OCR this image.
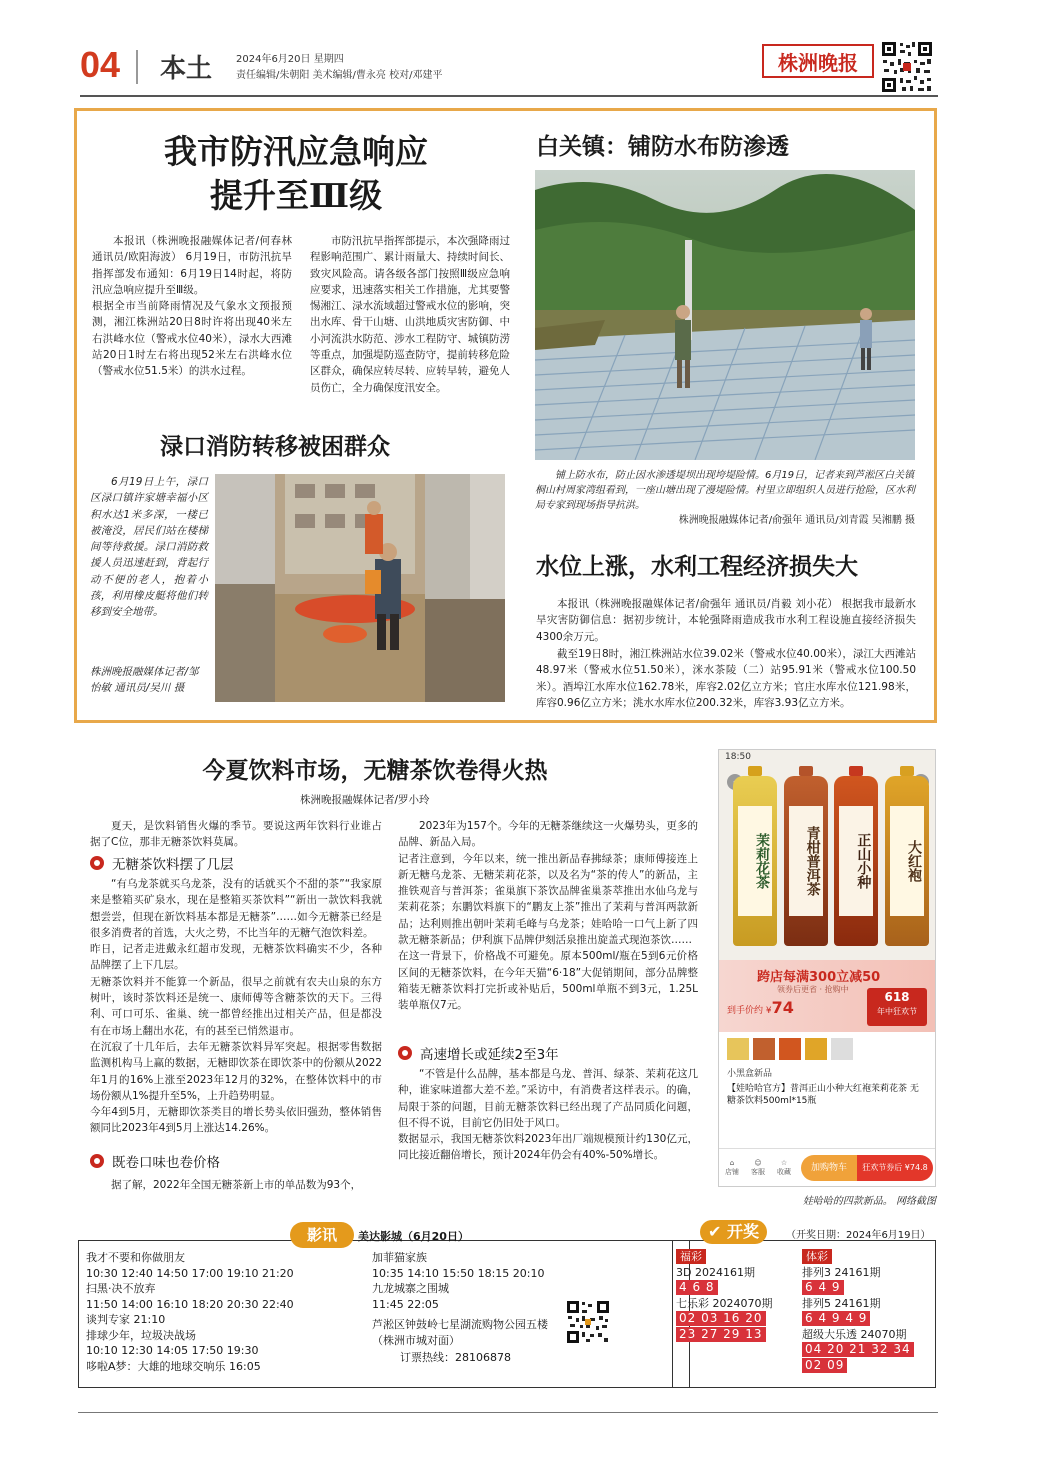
04 本土 2024年6月20日 星期四
责任编辑/朱朝阳 美术编辑/曹永亮 校对/邓建平
株洲晚报
我市防汛应急响应
提升至Ⅲ级
本报讯（株洲晚报融媒体记者/何春林 通讯员/欧阳海波） 6月19日，市防汛抗旱指挥部发布通知：6月19日14时起，将防汛应急响应提升至Ⅲ级。
根据全市当前降雨情况及气象水文预报预测，湘江株洲站20日8时许将出现40米左右洪峰水位（警戒水位40米），渌水大西滩站20日1时左右将出现52米左右洪峰水位（警戒水位51.5米）的洪水过程。
市防汛抗旱指挥部提示，本次强降雨过程影响范围广、累计雨量大、持续时间长、致灾风险高。请各级各部门按照Ⅲ级应急响应要求，迅速落实相关工作措施，尤其要警惕湘江、渌水流域超过警戒水位的影响，突出水库、骨干山塘、山洪地质灾害防御、中小河流洪水防范、涉水工程防守、城镇防涝等重点，加强堤防巡查防守，提前转移危险区群众，确保应转尽转、应转早转，避免人员伤亡，全力确保度汛安全。
白关镇：铺防水布防渗透
铺上防水布，防止因水渗透堤坝出现垮堤险情。6月19日，记者来到芦淞区白关镇桐山村周家湾组看到，一座山塘出现了漫堤险情。村里立即组织人员进行抢险，区水利局专家到现场指导抗洪。
株洲晚报融媒体记者/俞强年 通讯员/刘青霞 吴湘鹏 摄
渌口消防转移被困群众
6月19日上午，渌口区渌口镇许家塘幸福小区积水达1米多深，一楼已被淹没，居民们站在楼梯间等待救援。渌口消防救援人员迅速赶到，背起行动不便的老人，抱着小孩，利用橡皮艇将他们转移到安全地带。
株洲晚报融媒体记者/邹怡敏 通讯员/吴川 摄
水位上涨，水利工程经济损失大
本报讯（株洲晚报融媒体记者/俞强年 通讯员/肖毅 刘小花） 根据我市最新水旱灾害防御信息：据初步统计，本轮强降雨造成我市水利工程设施直接经济损失4300余万元。
截至19日8时，湘江株洲站水位39.02米（警戒水位40.00米），渌江大西滩站48.97米（警戒水位51.50米），洣水茶陵（二）站95.91米（警戒水位100.50米）。酒埠江水库水位162.78米，库容2.02亿立方米；官庄水库水位121.98米，库容0.96亿立方米；洮水水库水位200.32米，库容3.93亿立方米。
今夏饮料市场，无糖茶饮卷得火热
株洲晚报融媒体记者/罗小玲
夏天，是饮料销售火爆的季节。要说这两年饮料行业谁占据了C位，那非无糖茶饮料莫属。
无糖茶饮料摆了几层
“有乌龙茶就买乌龙茶，没有的话就买个不甜的茶”“我家原来是整箱买矿泉水，现在是整箱买茶饮料”“新出一款饮料我就想尝尝，但现在新饮料基本都是无糖茶”……如今无糖茶已经是很多消费者的首选，大火之势，不比当年的无糖气泡饮料差。
昨日，记者走进戴永红超市发现，无糖茶饮料确实不少，各种品牌摆了上下几层。
无糖茶饮料并不能算一个新品，很早之前就有农夫山泉的东方树叶，该时茶饮料还是统一、康师傅等含糖茶饮的天下。三得利、可口可乐、雀巢、统一都曾经推出过相关产品，但是都没有在市场上翻出水花，有的甚至已悄然退市。
在沉寂了十几年后，去年无糖茶饮料异军突起。根据零售数据监测机构马上赢的数据，无糖即饮茶在即饮茶中的份额从2022年1月的16%上涨至2023年12月的32%，在整体饮料中的市场份额从1%提升至5%，上升趋势明显。
今年4到5月，无糖即饮茶类目的增长势头依旧强劲，整体销售额同比2023年4到5月上涨达14.26%。
既卷口味也卷价格
据了解，2022年全国无糖茶新上市的单品数为93个，
2023年为157个。今年的无糖茶继续这一火爆势头，更多的品牌、新品入局。
记者注意到，今年以来，统一推出新品春拂绿茶；康师傅接连上新无糖乌龙茶、无糖茉莉花茶，以及名为“茶的传人”的新品，主推铁观音与普洱茶；雀巢旗下茶饮品牌雀巢茶萃推出水仙乌龙与茉莉花茶；东鹏饮料旗下的“鹏友上茶”推出了茉莉与普洱两款新品；达利则推出朝叶茉莉毛峰与乌龙茶；娃哈哈一口气上新了四款无糖茶新品；伊利旗下品牌伊刻活泉推出旋盖式现泡茶饮……
在这一背景下，价格战不可避免。原本500ml/瓶在5到6元价格区间的无糖茶饮料，在今年天猫“6·18”大促销期间，部分品牌整箱装无糖茶饮料打完折或补贴后，500ml单瓶不到3元，1.25L装单瓶仅7元。
高速增长或延续2至3年
“不管是什么品牌，基本都是乌龙、普洱、绿茶、茉莉花这几种，谁家味道都大差不差。”采访中，有消费者这样表示。的确，局限于茶的问题，目前无糖茶饮料已经出现了产品同质化问题，但不得不说，目前它仍旧处于风口。
数据显示，我国无糖茶饮料2023年出厂端规模预计约130亿元，同比接近翻倍增长，预计2024年仍会有40%-50%增长。
18:50
茉莉花茶	青柑普洱茶	正山小种	大红袍
跨店每满300立减50
领券后更省 · 抢购中
到手价约 ¥74
618
年中狂欢节
小黑盒新品
【娃哈哈官方】普洱正山小种大红袍茉莉花茶 无糖茶饮料500ml*15瓶
⌂
店铺
☺
客服
☆
收藏	加购物车	狂欢节券后 ¥74.8
娃哈哈的四款新品。 网络截图
影讯	美达影城（6月20日）
我才不要和你做朋友
10:30 12:40 14:50 17:00 19:10 21:20
扫黑·决不放弃
11:50 14:00 16:10 18:20 20:30 22:40
谈判专家 21:10
排球少年，垃圾决战场
10:10 12:30 14:05 17:50 19:30
哆啦A梦：大雄的地球交响乐 16:05
加菲猫家族
10:35 14:10 15:50 18:15 20:10
九龙城寨之围城
11:45 22:05
芦淞区钟鼓岭七星湖流购物公园五楼（株洲市城对面）
订票热线：28106878
✔ 开奖	（开奖日期：2024年6月19日）
福彩
3D 2024161期
4 6 8
七乐彩 2024070期
02 03 16 20
23 27 29 13
体彩
排列3 24161期
6 4 9
排列5 24161期
6 4 9 4 9
超级大乐透 24070期
04 20 21 32 34
02 09
